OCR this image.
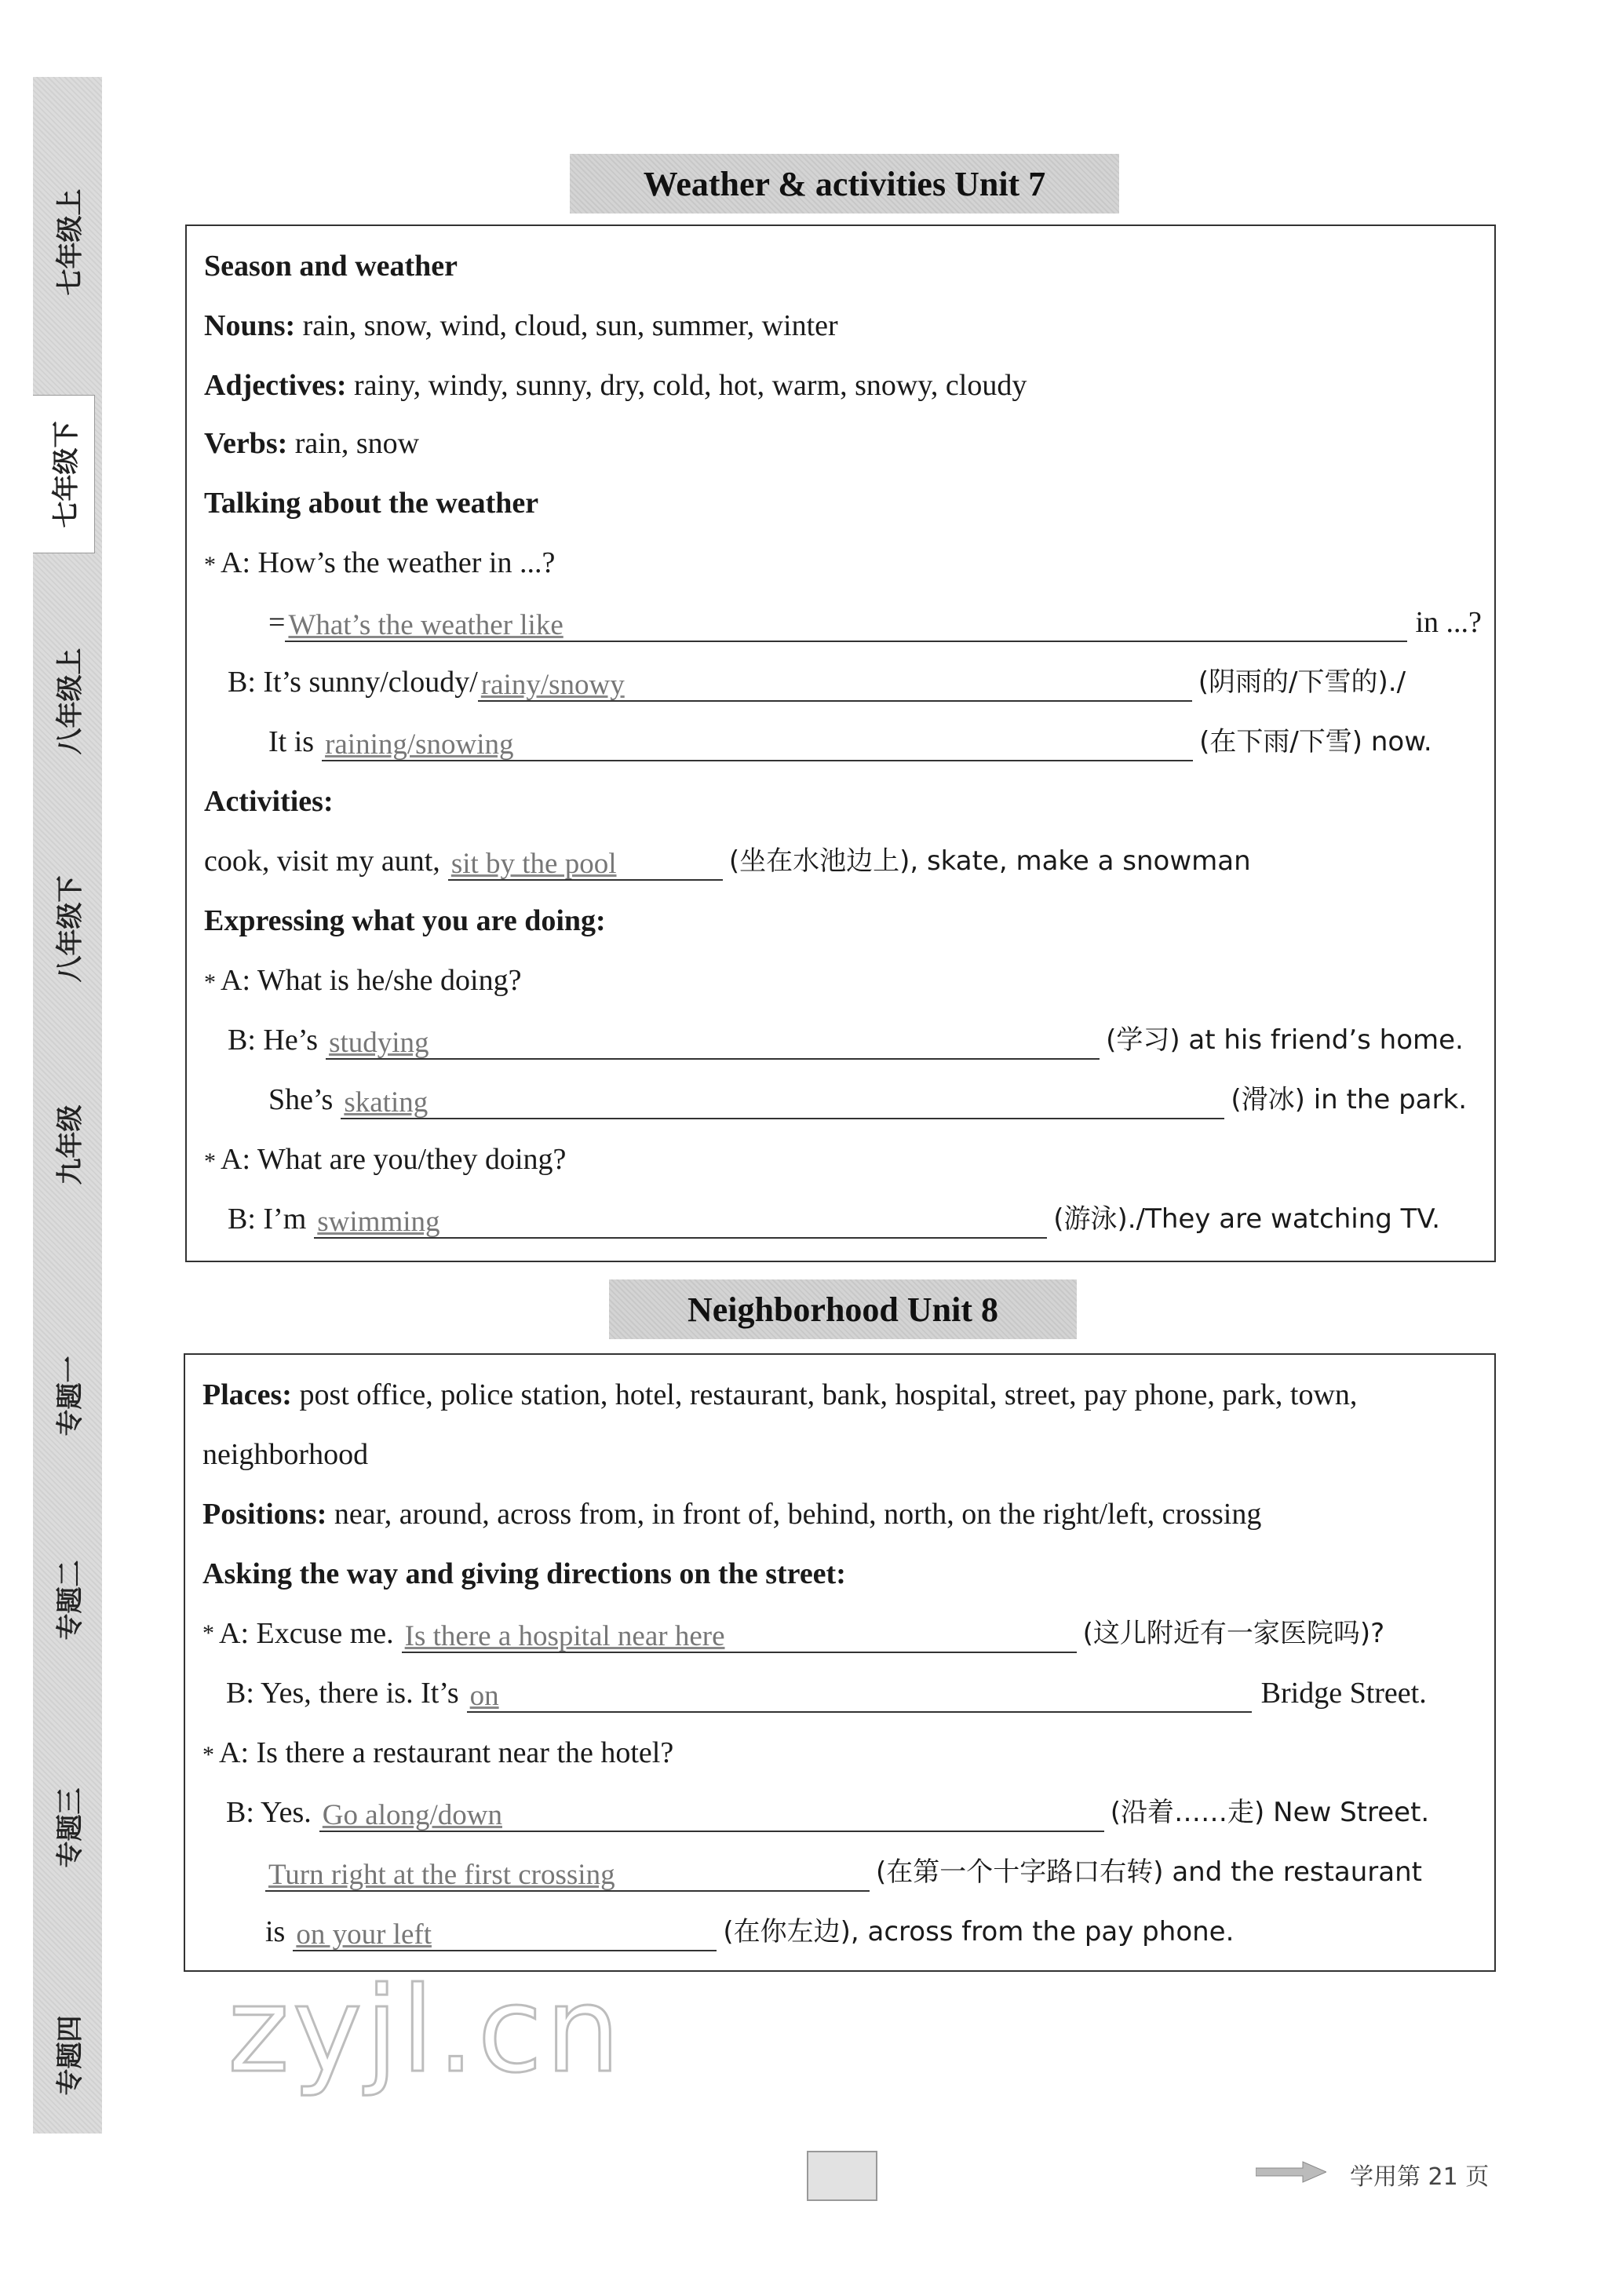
七年级上
七年级下
八年级上
八年级下
九年级
专题一
专题二
专题三
专题四
Weather & activities Unit 7
Season and weather
Nouns: rain, snow, wind, cloud, sun, summer, winter
Adjectives: rainy, windy, sunny, dry, cold, hot, warm, snowy, cloudy
Verbs: rain, snow
Talking about the weather
* A: How’s the weather in ...?
= What’s the weather like	in ...?
B: It’s sunny/cloudy/ rainy/snowy	(阴雨的/下雪的)./
It is raining/snowing	(在下雨/下雪) now.
Activities:
cook, visit my aunt, sit by the pool	(坐在水池边上), skate, make a snowman
Expressing what you are doing:
* A: What is he/she doing?
B: He’s studying	(学习) at his friend’s home.
She’s skating	(滑冰) in the park.
* A: What are you/they doing?
B: I’m swimming	(游泳)./They are watching TV.
Neighborhood Unit 8
Places: post office, police station, hotel, restaurant, bank, hospital, street, pay phone, park, town,
neighborhood
Positions: near, around, across from, in front of, behind, north, on the right/left, crossing
Asking the way and giving directions on the street:
* A: Excuse me. Is there a hospital near here	(这儿附近有一家医院吗)?
B: Yes, there is. It’s on	Bridge Street.
* A: Is there a restaurant near the hotel?
B: Yes. Go along/down	(沿着……走) New Street.
Turn right at the first crossing	(在第一个十字路口右转) and the restaurant
is on your left	(在你左边), across from the pay phone.
zyjl.cn
学用第 21 页
